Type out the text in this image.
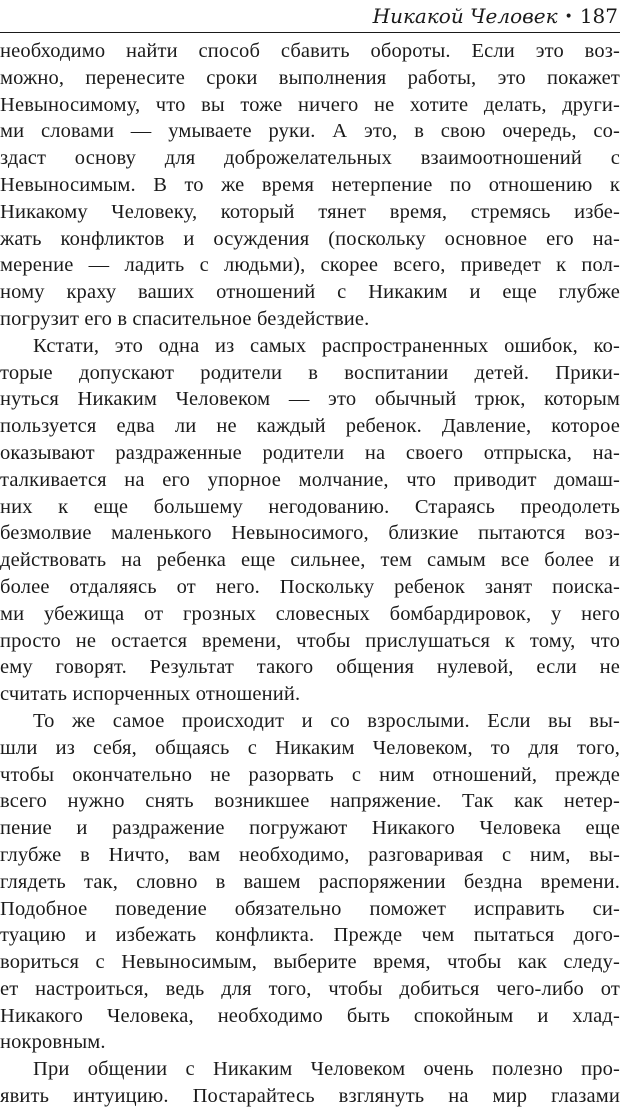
Никакой Человек • 187
необходимо найти способ сбавить обороты. Если это воз-
можно, перенесите сроки выполнения работы, это покажет
Невыносимому, что вы тоже ничего не хотите делать, други-
ми словами — умываете руки. А это, в свою очередь, со-
здаст основу для доброжелательных взаимоотношений с
Невыносимым. В то же время нетерпение по отношению к
Никакому Человеку, который тянет время, стремясь избе-
жать конфликтов и осуждения (поскольку основное его на-
мерение — ладить с людьми), скорее всего, приведет к пол-
ному краху ваших отношений с Никаким и еще глубже
погрузит его в спасительное бездействие.
Кстати, это одна из самых распространенных ошибок, ко-
торые допускают родители в воспитании детей. Прики-
нуться Никаким Человеком — это обычный трюк, которым
пользуется едва ли не каждый ребенок. Давление, которое
оказывают раздраженные родители на своего отпрыска, на-
талкивается на его упорное молчание, что приводит домаш-
них к еще большему негодованию. Стараясь преодолеть
безмолвие маленького Невыносимого, близкие пытаются воз-
действовать на ребенка еще сильнее, тем самым все более и
более отдаляясь от него. Поскольку ребенок занят поиска-
ми убежища от грозных словесных бомбардировок, у него
просто не остается времени, чтобы прислушаться к тому, что
ему говорят. Результат такого общения нулевой, если не
считать испорченных отношений.
То же самое происходит и со взрослыми. Если вы вы-
шли из себя, общаясь с Никаким Человеком, то для того,
чтобы окончательно не разорвать с ним отношений, прежде
всего нужно снять возникшее напряжение. Так как нетер-
пение и раздражение погружают Никакого Человека еще
глубже в Ничто, вам необходимо, разговаривая с ним, вы-
глядеть так, словно в вашем распоряжении бездна времени.
Подобное поведение обязательно поможет исправить си-
туацию и избежать конфликта. Прежде чем пытаться дого-
вориться с Невыносимым, выберите время, чтобы как следу-
ет настроиться, ведь для того, чтобы добиться чего-либо от
Никакого Человека, необходимо быть спокойным и хлад-
нокровным.
При общении с Никаким Человеком очень полезно про-
явить интуицию. Постарайтесь взглянуть на мир глазами
